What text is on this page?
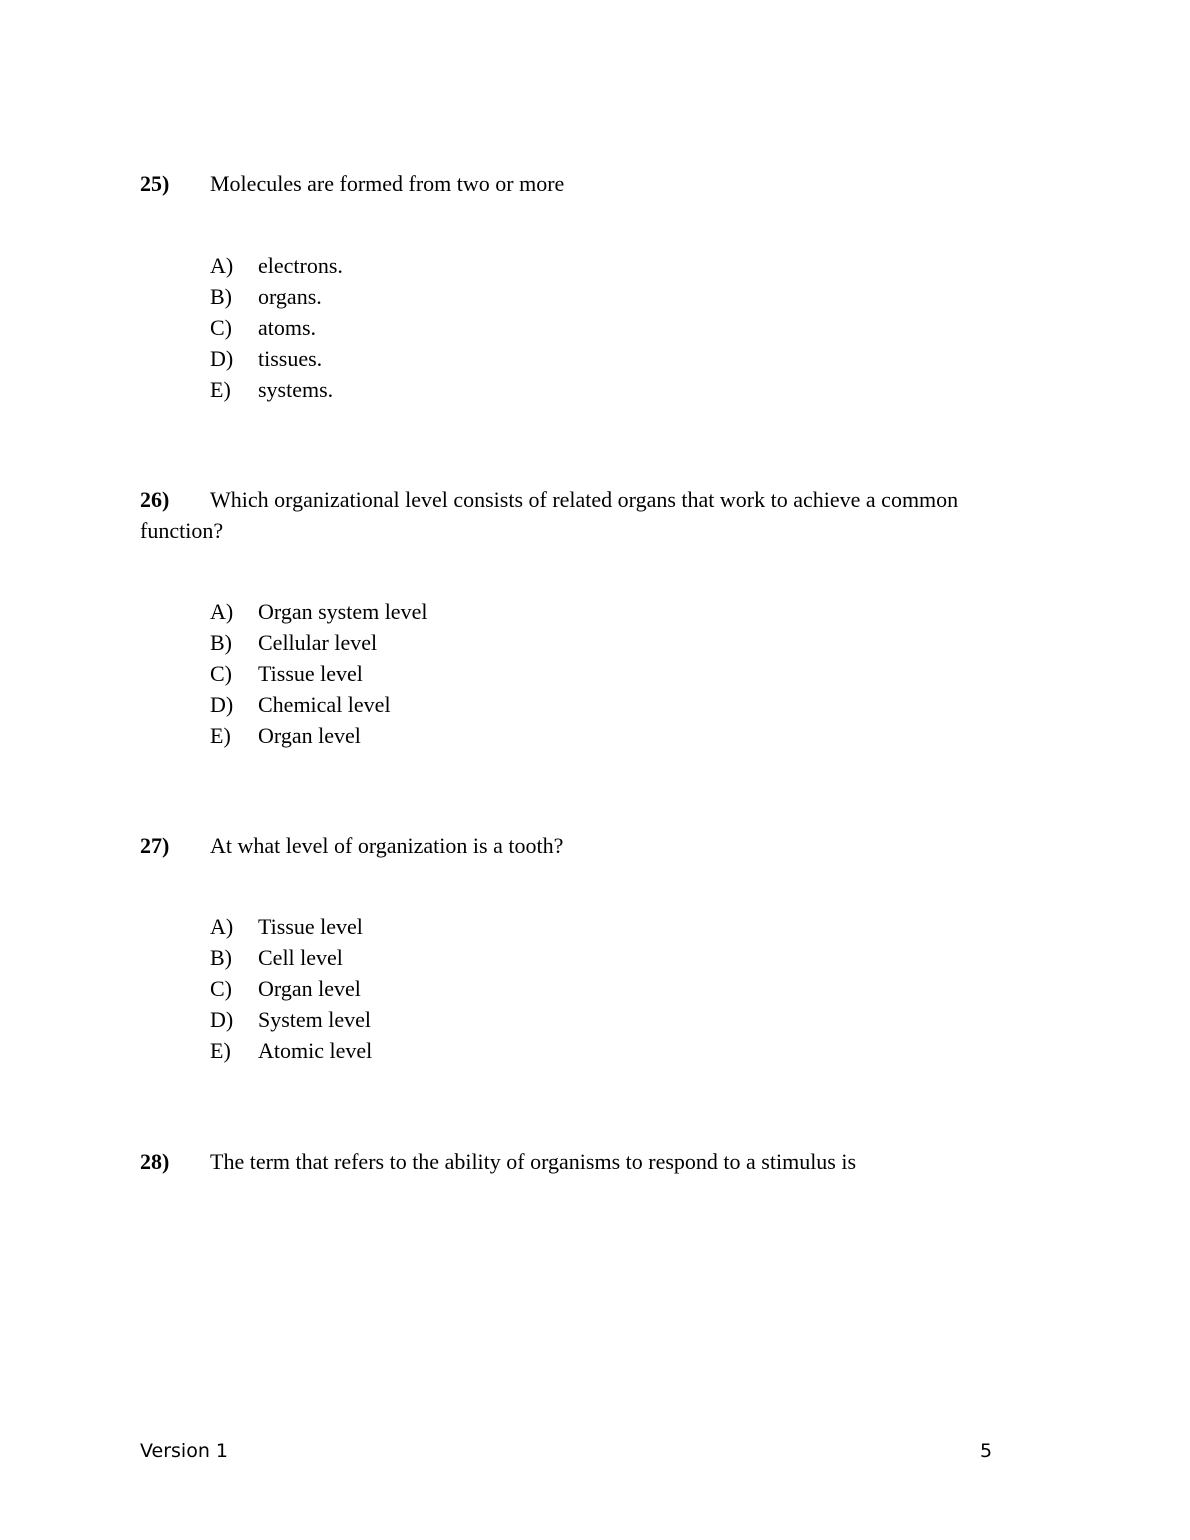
25) Molecules are formed from two or more
A)	electrons.
B)	organs.
C)	atoms.
D)	tissues.
E)	systems.
26) Which organizational level consists of related organs that work to achieve a common function?
A)	Organ system level
B)	Cellular level
C)	Tissue level
D)	Chemical level
E)	Organ level
27) At what level of organization is a tooth?
A)	Tissue level
B)	Cell level
C)	Organ level
D)	System level
E)	Atomic level
28) The term that refers to the ability of organisms to respond to a stimulus is
Version 1	5
